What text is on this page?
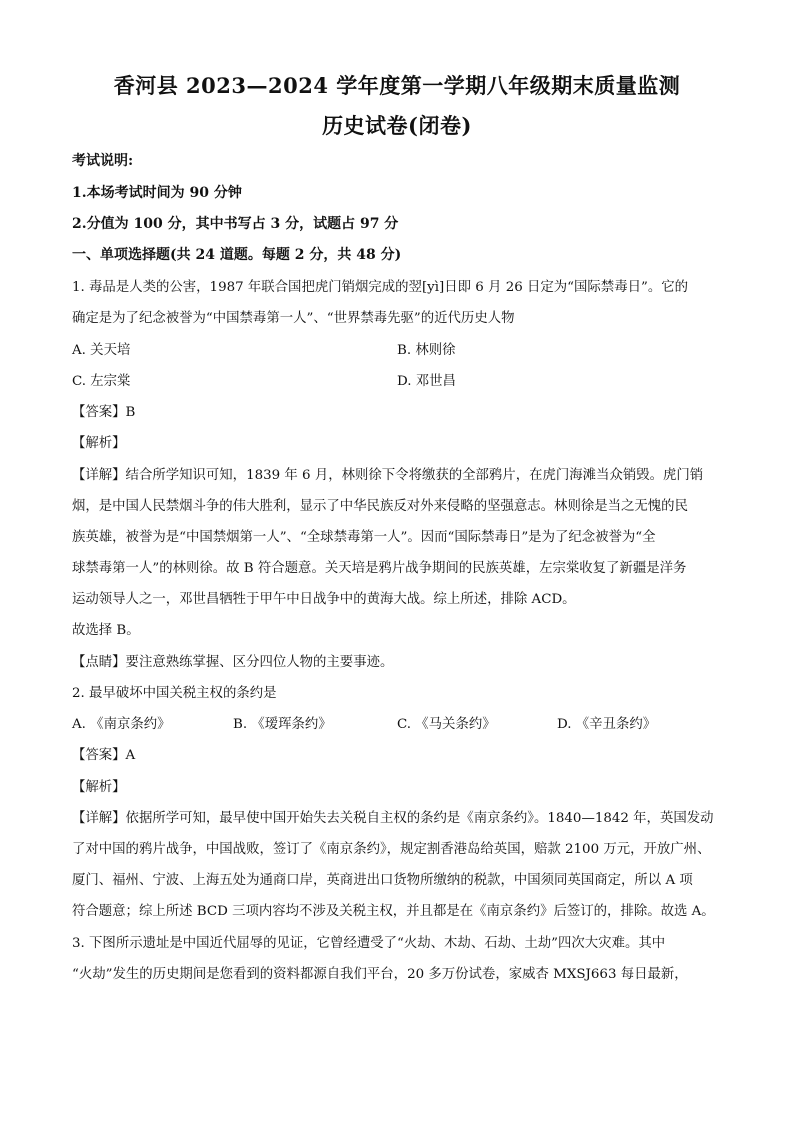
香河县 2023—2024 学年度第一学期八年级期末质量监测
历史试卷(闭卷)
考试说明:
1.本场考试时间为 90 分钟
2.分值为 100 分，其中书写占 3 分，试题占 97 分
一、单项选择题(共 24 道题。每题 2 分，共 48 分)
1. 毒品是人类的公害，1987 年联合国把虎门销烟完成的翌[yì]日即 6 月 26 日定为“国际禁毒日”。它的
确定是为了纪念被誉为“中国禁毒第一人”、“世界禁毒先驱”的近代历史人物
A. 关天培	B. 林则徐
C. 左宗棠	D. 邓世昌
【答案】B
【解析】
【详解】结合所学知识可知，1839 年 6 月，林则徐下令将缴获的全部鸦片，在虎门海滩当众销毁。虎门销
烟，是中国人民禁烟斗争的伟大胜利，显示了中华民族反对外来侵略的坚强意志。林则徐是当之无愧的民
族英雄，被誉为是“中国禁烟第一人”、“全球禁毒第一人”。因而“国际禁毒日”是为了纪念被誉为“全
球禁毒第一人”的林则徐。故 B 符合题意。关天培是鸦片战争期间的民族英雄，左宗棠收复了新疆是洋务
运动领导人之一，邓世昌牺牲于甲午中日战争中的黄海大战。综上所述，排除 ACD。
故选择 B。
【点睛】要注意熟练掌握、区分四位人物的主要事迹。
2. 最早破坏中国关税主权的条约是
A. 《南京条约》	B. 《瑷珲条约》	C. 《马关条约》	D. 《辛丑条约》
【答案】A
【解析】
【详解】依据所学可知，最早使中国开始失去关税自主权的条约是《南京条约》。1840—1842 年，英国发动
了对中国的鸦片战争，中国战败，签订了《南京条约》，规定割香港岛给英国，赔款 2100 万元，开放广州、
厦门、福州、宁波、上海五处为通商口岸，英商进出口货物所缴纳的税款，中国须同英国商定，所以 A 项
符合题意；综上所述 BCD 三项内容均不涉及关税主权，并且都是在《南京条约》后签订的，排除。故选 A。
3. 下图所示遗址是中国近代屈辱的见证，它曾经遭受了“火劫、木劫、石劫、土劫”四次大灾难。其中
“火劫”发生的历史期间是您看到的资料都源自我们平台，20 多万份试卷，家威杏 MXSJ663 每日最新，
